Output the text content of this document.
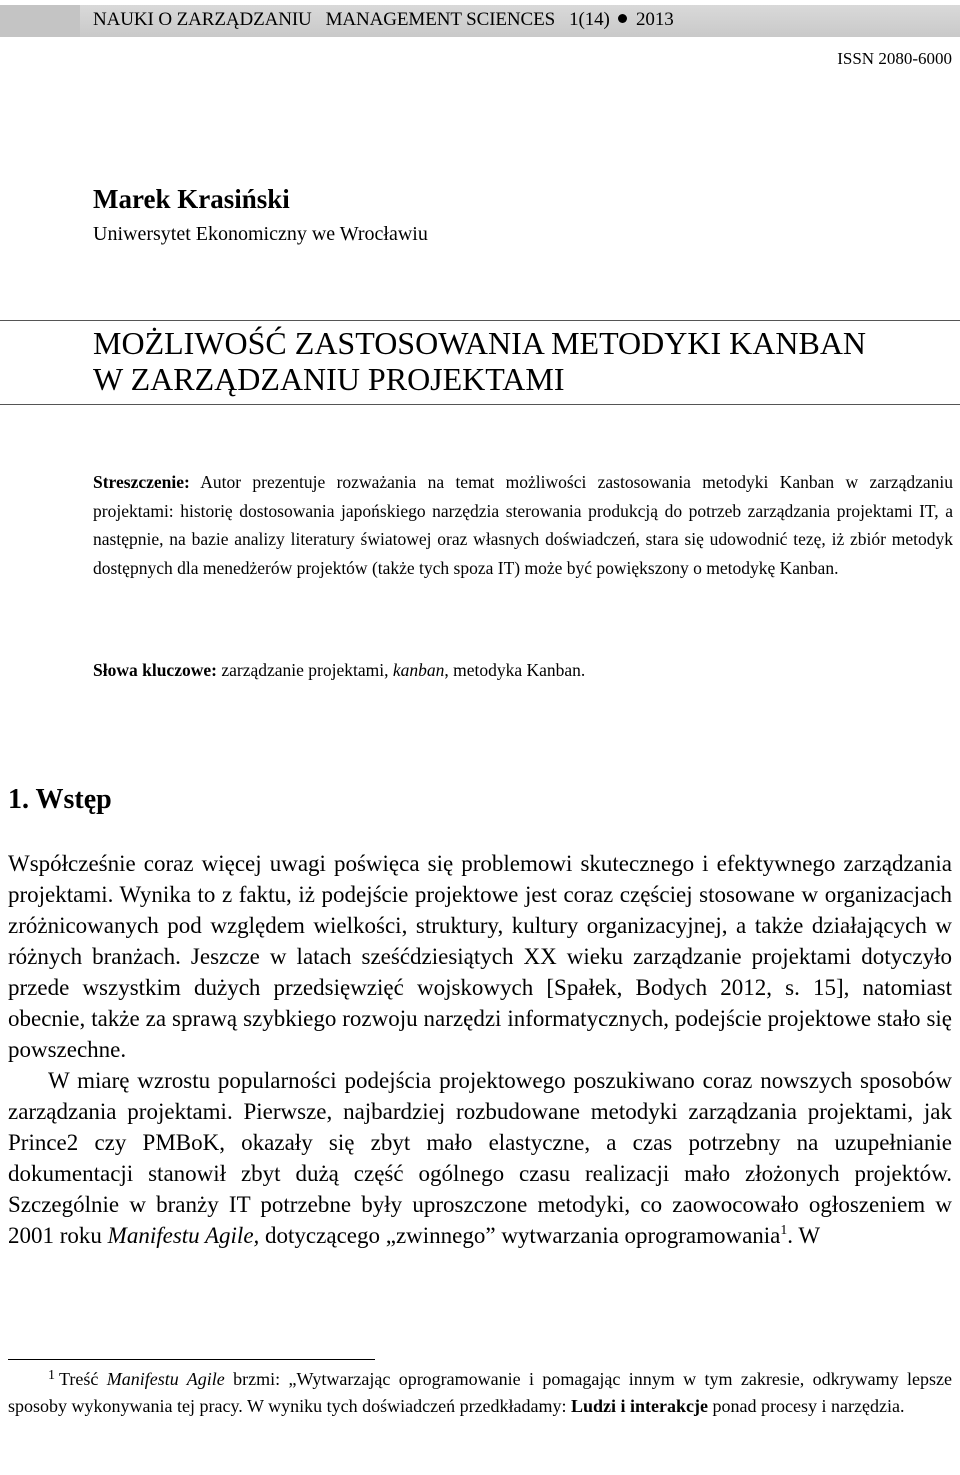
NAUKI O ZARZĄDZANIU MANAGEMENT SCIENCES 1(14) 2013
ISSN 2080-6000
Marek Krasiński
Uniwersytet Ekonomiczny we Wrocławiu
MOŻLIWOŚĆ ZASTOSOWANIA METODYKI KANBAN
W ZARZĄDZANIU PROJEKTAMI
Streszczenie: Autor prezentuje rozważania na temat możliwości zastosowania metodyki Kanban w zarządzaniu projektami: historię dostosowania japońskiego narzędzia sterowania produkcją do potrzeb zarządzania projektami IT, a następnie, na bazie analizy literatury światowej oraz własnych doświadczeń, stara się udowodnić tezę, iż zbiór metodyk dostępnych dla menedżerów projektów (także tych spoza IT) może być powiększony o metodykę Kanban.
Słowa kluczowe: zarządzanie projektami, kanban, metodyka Kanban.
1. Wstęp

Współcześnie coraz więcej uwagi poświęca się problemowi skutecznego i efektywnego zarządzania projektami. Wynika to z faktu, iż podejście projektowe jest coraz częściej stosowane w organizacjach zróżnicowanych pod względem wielkości, struktury, kultury organizacyjnej, a także działających w różnych branżach. Jeszcze w latach sześćdziesiątych XX wieku zarządzanie projektami dotyczyło przede wszystkim dużych przedsięwzięć wojskowych [Spałek, Bodych 2012, s. 15], natomiast obecnie, także za sprawą szybkiego rozwoju narzędzi informatycznych, podejście projektowe stało się powszechne.

W miarę wzrostu popularności podejścia projektowego poszukiwano coraz nowszych sposobów zarządzania projektami. Pierwsze, najbardziej rozbudowane metodyki zarządzania projektami, jak Prince2 czy PMBoK, okazały się zbyt mało elastyczne, a czas potrzebny na uzupełnianie dokumentacji stanowił zbyt dużą część ogólnego czasu realizacji mało złożonych projektów. Szczególnie w branży IT potrzebne były uproszczone metodyki, co zaowocowało ogłoszeniem w 2001 roku Manifestu Agile, dotyczącego „zwinnego” wytwarzania oprogramowania$^1$. W

$^1$ Treść Manifestu Agile brzmi: „Wytwarzając oprogramowanie i pomagając innym w tym zakresie, odkrywamy lepsze sposoby wykonywania tej pracy. W wyniku tych doświadczeń przedkładamy: Ludzi i interakcje ponad procesy i narzędzia.
